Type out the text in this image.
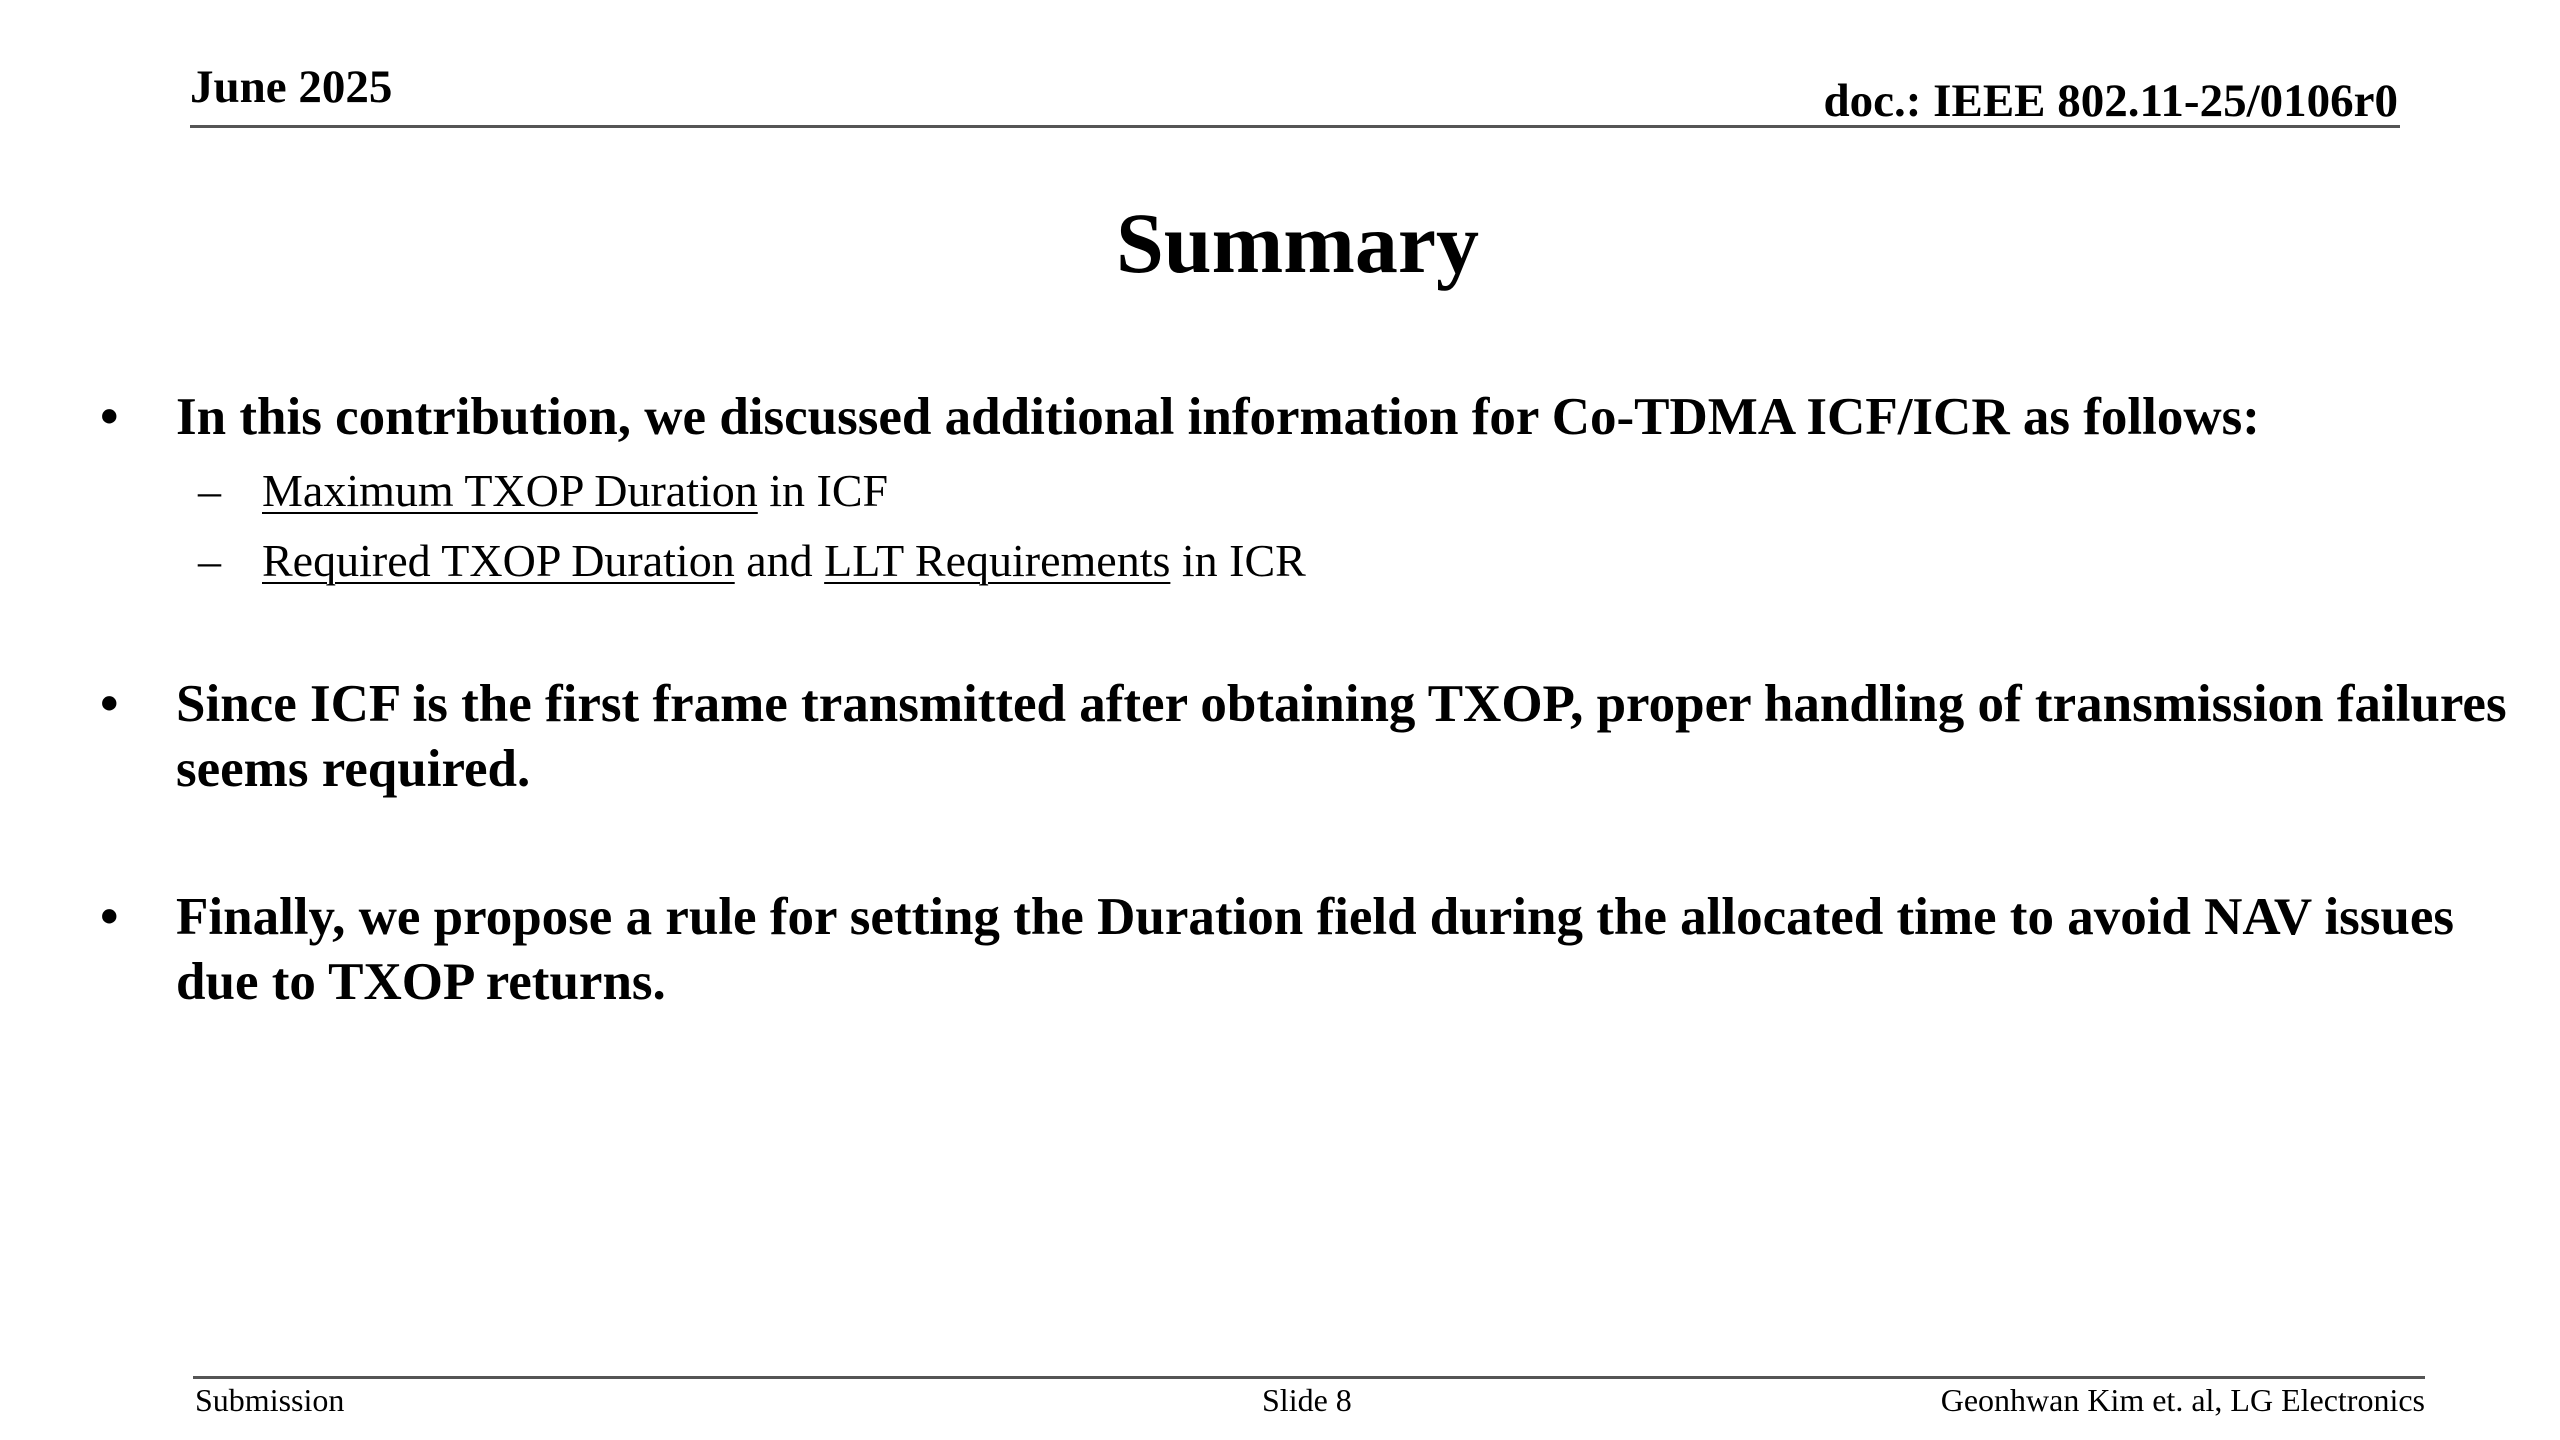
June 2025	doc.: IEEE 802.11-25/0106r0
Summary
•	In this contribution, we discussed additional information for Co-TDMA ICF/ICR as follows:
– Maximum TXOP Duration in ICF
– Required TXOP Duration and LLT Requirements in ICR
•	Since ICF is the first frame transmitted after obtaining TXOP, proper handling of transmission failures seems required.
•	Finally, we propose a rule for setting the Duration field during the allocated time to avoid NAV issues due to TXOP returns.
Submission	Slide 8	Geonhwan Kim et. al, LG Electronics
